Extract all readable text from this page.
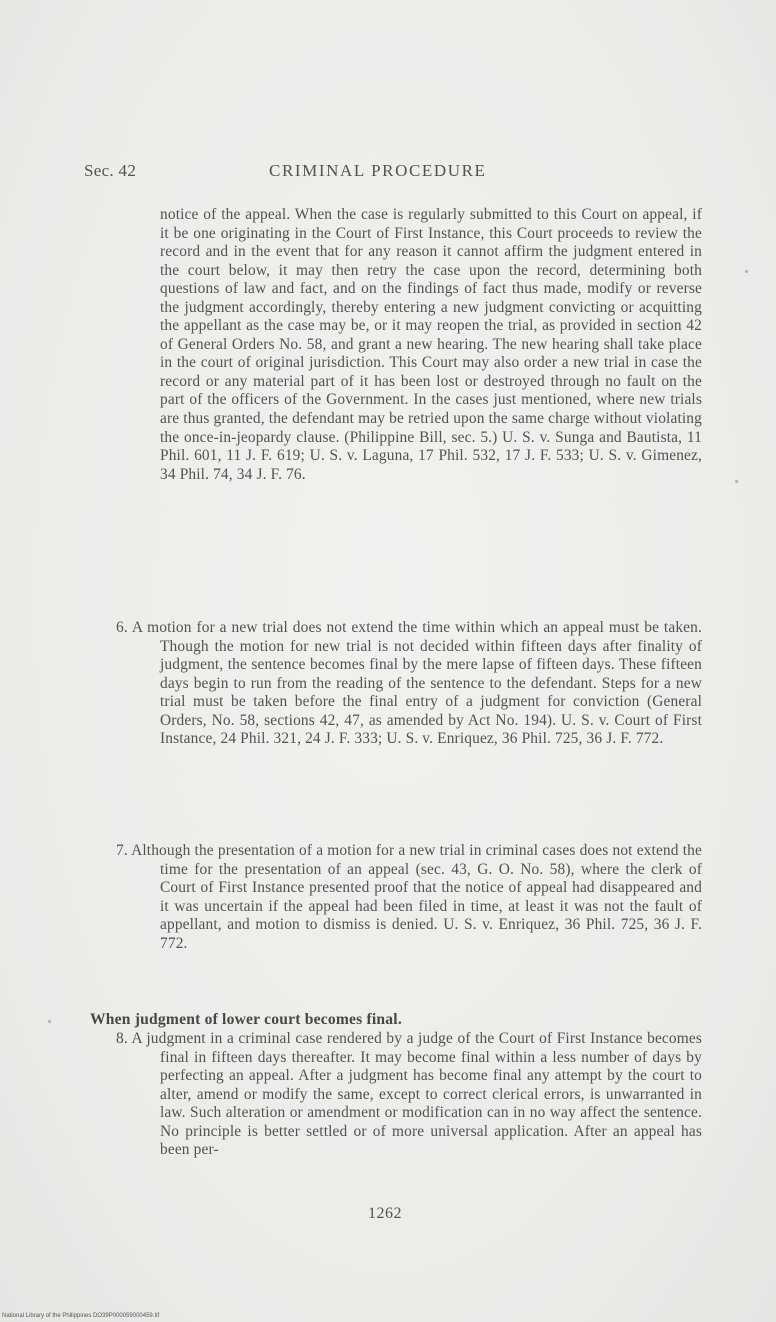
Sec. 42	CRIMINAL PROCEDURE

notice of the appeal. When the case is regularly submitted to this Court on appeal, if it be one originating in the Court of First Instance, this Court proceeds to review the record and in the event that for any reason it cannot affirm the judgment entered in the court below, it may then retry the case upon the record, determining both questions of law and fact, and on the findings of fact thus made, modify or reverse the judgment accordingly, thereby entering a new judgment convicting or acquitting the appellant as the case may be, or it may reopen the trial, as provided in section 42 of General Orders No. 58, and grant a new hearing. The new hearing shall take place in the court of original jurisdiction. This Court may also order a new trial in case the record or any material part of it has been lost or destroyed through no fault on the part of the officers of the Government. In the cases just mentioned, where new trials are thus granted, the defendant may be retried upon the same charge without violating the once-in-jeopardy clause. (Philippine Bill, sec. 5.) U. S. v. Sunga and Bautista, 11 Phil. 601, 11 J. F. 619; U. S. v. Laguna, 17 Phil. 532, 17 J. F. 533; U. S. v. Gimenez, 34 Phil. 74, 34 J. F. 76.

6. A motion for a new trial does not extend the time within which an appeal must be taken. Though the motion for new trial is not decided within fifteen days after finality of judgment, the sentence becomes final by the mere lapse of fifteen days. These fifteen days begin to run from the reading of the sentence to the defendant. Steps for a new trial must be taken before the final entry of a judgment for conviction (General Orders, No. 58, sections 42, 47, as amended by Act No. 194). U. S. v. Court of First Instance, 24 Phil. 321, 24 J. F. 333; U. S. v. Enriquez, 36 Phil. 725, 36 J. F. 772.

7. Although the presentation of a motion for a new trial in criminal cases does not extend the time for the presentation of an appeal (sec. 43, G. O. No. 58), where the clerk of Court of First Instance presented proof that the notice of appeal had disappeared and it was uncertain if the appeal had been filed in time, at least it was not the fault of appellant, and motion to dismiss is denied. U. S. v. Enriquez, 36 Phil. 725, 36 J. F. 772.

When judgment of lower court becomes final.

8. A judgment in a criminal case rendered by a judge of the Court of First Instance becomes final in fifteen days thereafter. It may become final within a less number of days by perfecting an appeal. After a judgment has become final any attempt by the court to alter, amend or modify the same, except to correct clerical errors, is unwarranted in law. Such alteration or amendment or modification can in no way affect the sentence. No principle is better settled or of more universal application. After an appeal has been per-

1262
National Library of the Philippines DO39P000059000459.tif
